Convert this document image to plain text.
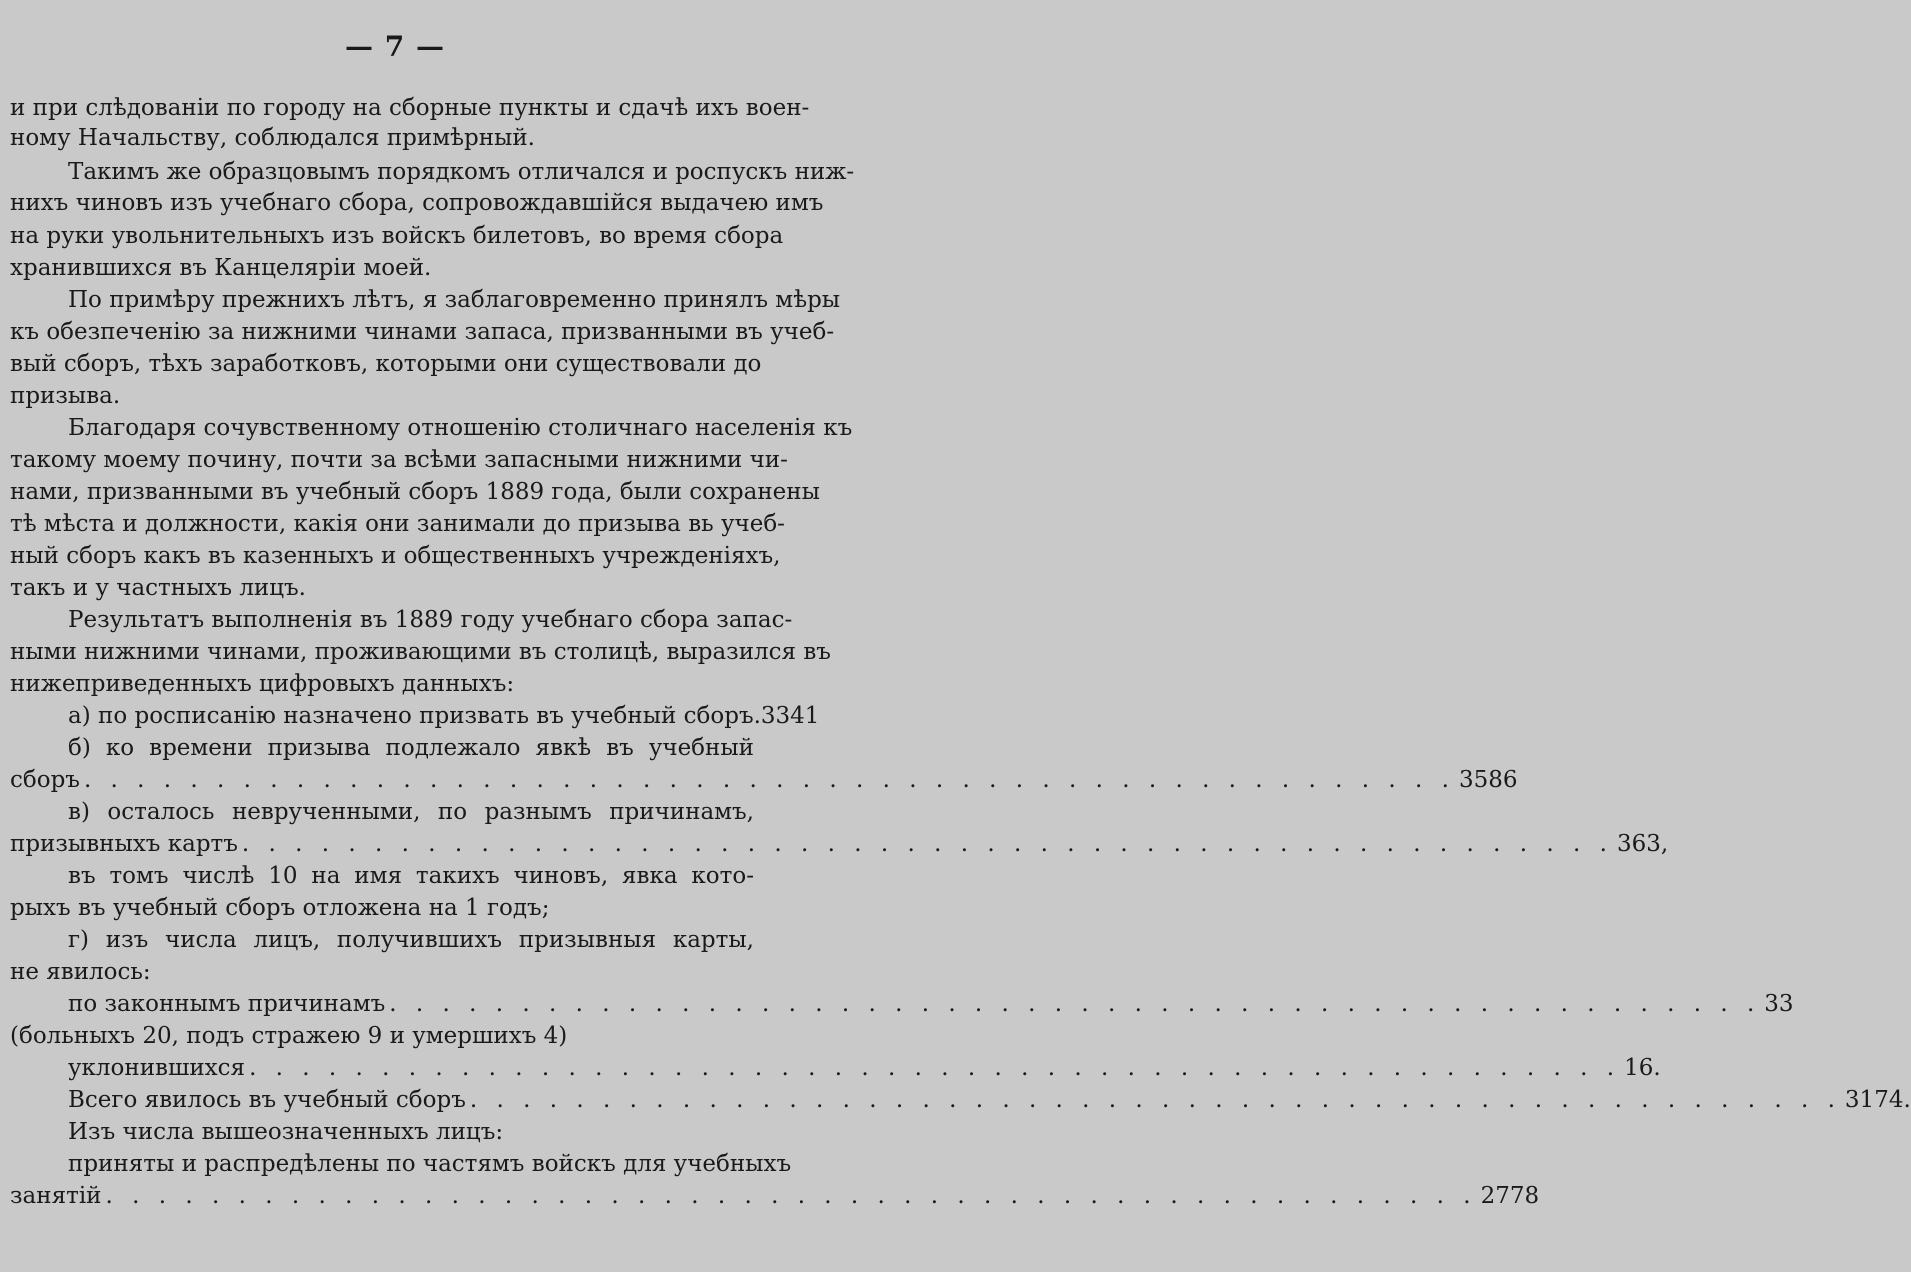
— 7 —
и при слѣдованіи по городу на сборные пункты и сдачѣ ихъ воен-
ному Начальству, соблюдался примѣрный.
Такимъ же образцовымъ порядкомъ отличался и роспускъ ниж-
нихъ чиновъ изъ учебнаго сбора, сопровождавшійся выдачею имъ
на руки увольнительныхъ изъ войскъ билетовъ, во время сбора
хранившихся въ Канцеляріи моей.
По примѣру прежнихъ лѣтъ, я заблаговременно принялъ мѣры
къ обезпеченію за нижними чинами запаса, призванными въ учеб-
вый сборъ, тѣхъ заработковъ, которыми они существовали до
призыва.
Благодаря сочувственному отношенію столичнаго населенія къ
такому моему почину, почти за всѣми запасными нижними чи-
нами, призванными въ учебный сборъ 1889 года, были сохранены
тѣ мѣста и должности, какія они занимали до призыва вь учеб-
ный сборъ какъ въ казенныхъ и общественныхъ учрежденіяхъ,
такъ и у частныхъ лицъ.
Результатъ выполненія въ 1889 году учебнаго сбора запас-
ными нижними чинами, проживающими въ столицѣ, выразился въ
нижеприведенныхъ цифровыхъ данныхъ:
а) по росписанію назначено призвать въ учебный сборъ. 3341
б) ко времени призыва подлежало явкѣ въ учебный
сборъ . . .	3586
в) осталось неврученными, по разнымъ причинамъ,
призывныхъ картъ . . .	363,
въ томъ числѣ 10 на имя такихъ чиновъ, явка кото-
рыхъ въ учебный сборъ отложена на 1 годъ;
г) изъ числа лицъ, получившихъ призывныя карты,
не явилось:
по законнымъ причинамъ . . .	33
(больныхъ 20, подъ стражею 9 и умершихъ 4)
уклонившихся . . .	16.
Всего явилось въ учебный сборъ . . .	3174.
Изъ числа вышеозначенныхъ лицъ:
приняты и распредѣлены по частямъ войскъ для учебныхъ
занятій . . .	2778
